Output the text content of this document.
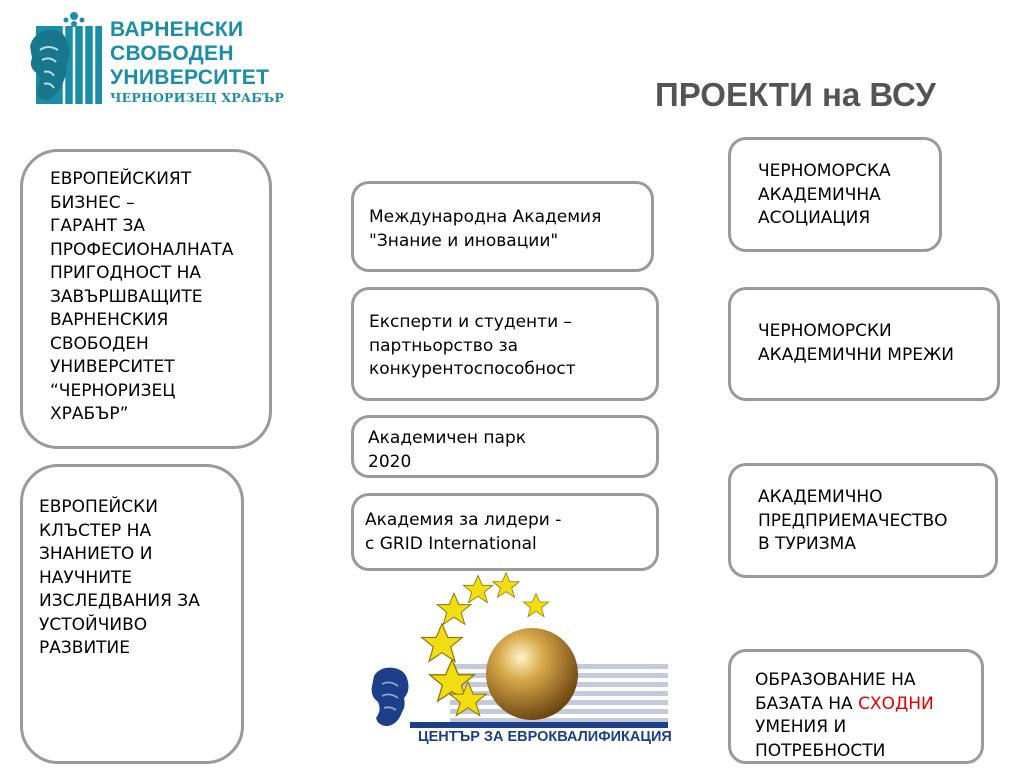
ВАРНЕНСКИ
СВОБОДЕН
УНИВЕРСИТЕТ
ЧЕРНОРИЗЕЦ ХРАБЪР	ПРОЕКТИ на ВСУ
ЕВРОПЕЙСКИЯТ
БИЗНЕС –
ГАРАНТ ЗА
ПРОФЕСИОНАЛНАТА
ПРИГОДНОСТ НА
ЗАВЪРШВАЩИТЕ
ВАРНЕНСКИЯ
СВОБОДЕН
УНИВЕРСИТЕТ
“ЧЕРНОРИЗЕЦ
ХРАБЪР”
ЕВРОПЕЙСКИ
КЛЪСТЕР НА
ЗНАНИЕТО И
НАУЧНИТЕ
ИЗСЛЕДВАНИЯ ЗА
УСТОЙЧИВО
РАЗВИТИЕ
Международна Академия
"Знание и иновации"
Експерти и студенти –
партньорство за
конкурентоспособност
Академичен парк
2020
Академия за лидери -
с GRID International
ЧЕРНОМОРСКА
АКАДЕМИЧНА
АСОЦИАЦИЯ
ЧЕРНОМОРСКИ
АКАДЕМИЧНИ МРЕЖИ
АКАДЕМИЧНО
ПРЕДПРИЕМАЧЕСТВО
В ТУРИЗМА
ОБРАЗОВАНИЕ НА
БАЗАТА НА СХОДНИ
УМЕНИЯ И
ПОТРЕБНОСТИ
ЦЕНТЪР ЗА ЕВРОКВАЛИФИКАЦИЯ
